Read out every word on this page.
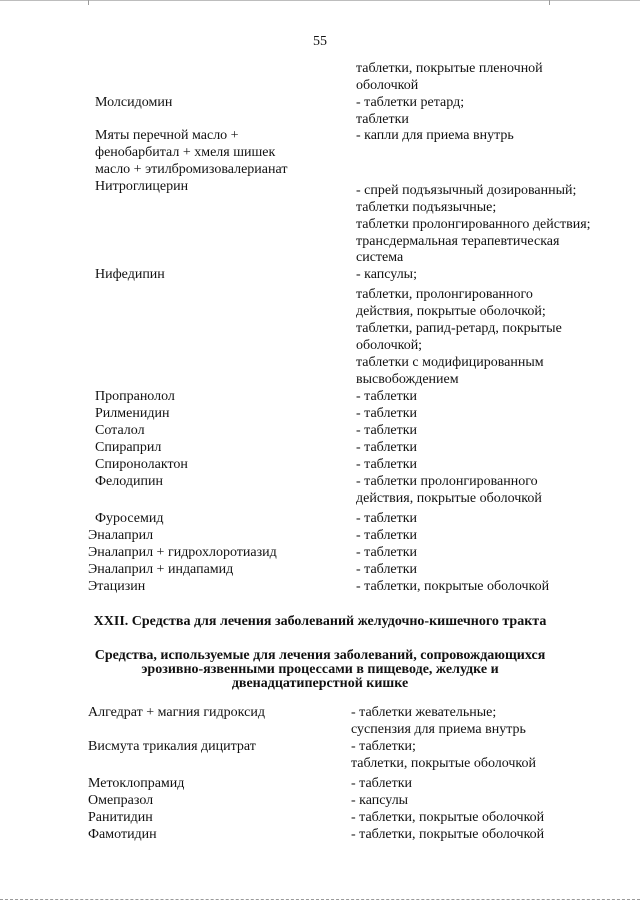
55
таблетки, покрытые пленочной
оболочкой
Молсидомин	- таблетки ретард;
таблетки
Мяты перечной масло +
фенобарбитал + хмеля шишек
масло + этилбромизовалерианат
- капли для приема внутрь
Нитроглицерин	- спрей подъязычный дозированный;
таблетки подъязычные;
таблетки пролонгированного действия;
трансдермальная терапевтическая
система
Нифедипин	- капсулы;
таблетки, пролонгированного
действия, покрытые оболочкой;
таблетки, рапид-ретард, покрытые
оболочкой;
таблетки с модифицированным
высвобождением
Пропранолол	- таблетки
Рилменидин	- таблетки
Соталол	- таблетки
Спираприл	- таблетки
Спиронолактон	- таблетки
Фелодипин	- таблетки пролонгированного
действия, покрытые оболочкой
Фуросемид	- таблетки
Эналаприл	- таблетки
Эналаприл + гидрохлоротиазид	- таблетки
Эналаприл + индапамид	- таблетки
Этацизин	- таблетки, покрытые оболочкой
XXII. Средства для лечения заболеваний желудочно-кишечного тракта
Средства, используемые для лечения заболеваний, сопровождающихся
эрозивно-язвенными процессами в пищеводе, желудке и
двенадцатиперстной кишке
Алгедрат + магния гидроксид	- таблетки жевательные;
суспензия для приема внутрь
Висмута трикалия дицитрат	- таблетки;
таблетки, покрытые оболочкой
Метоклопрамид	- таблетки
Омепразол	- капсулы
Ранитидин	- таблетки, покрытые оболочкой
Фамотидин	- таблетки, покрытые оболочкой
